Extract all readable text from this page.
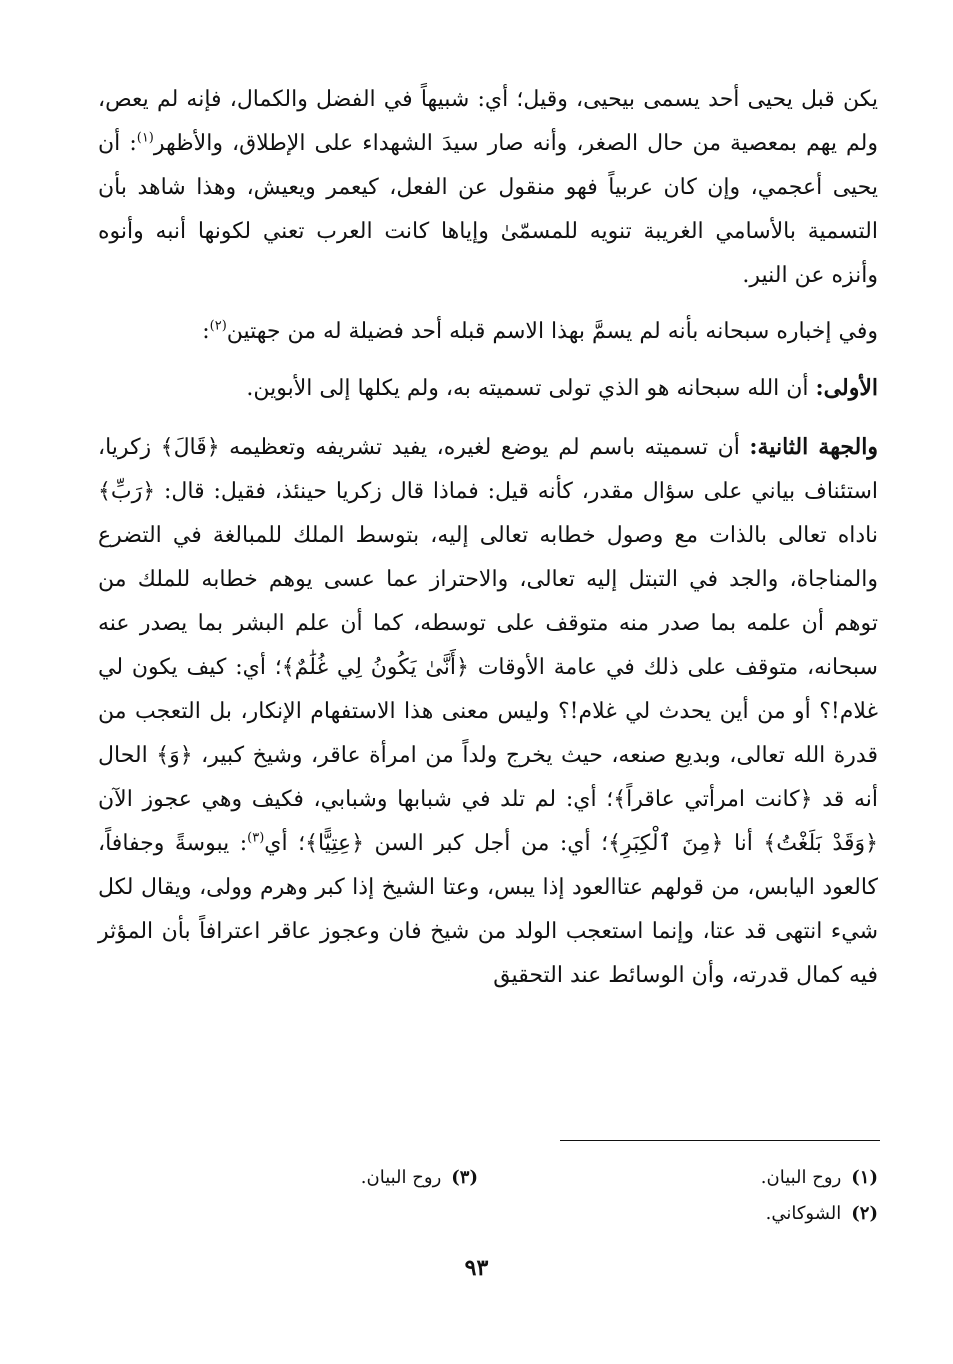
يكن قبل يحيى أحد يسمى بيحيى، وقيل؛ أي: شبيهاً في الفضل والكمال، فإنه لم يعص، ولم يهم بمعصية من حال الصغر، وأنه صار سيدَ الشهداء على الإطلاق، والأظهر$^{(١)}$: أن يحيى أعجمي، وإن كان عربياً فهو منقول عن الفعل، كيعمر ويعيش، وهذا شاهد بأن التسمية بالأسامي الغريبة تنويه للمسمّىٰ وإياها كانت العرب تعني لكونها أنبه وأنوه وأنزه عن النير.

وفي إخباره سبحانه بأنه لم يسمَّ بهذا الاسم قبله أحد فضيلة له من جهتين$^{(٢)}$:

الأولى: أن الله سبحانه هو الذي تولى تسميته به، ولم يكلها إلى الأبوين.

والجهة الثانية: أن تسميته باسم لم يوضع لغيره، يفيد تشريفه وتعظيمه ﴿قَالَ﴾ زكريا، استئناف بياني على سؤال مقدر، كأنه قيل: فماذا قال زكريا حينئذ، فقيل: قال: ﴿رَبِّ﴾ ناداه تعالى بالذات مع وصول خطابه تعالى إليه، بتوسط الملك للمبالغة في التضرع والمناجاة، والجد في التبتل إليه تعالى، والاحتراز عما عسى يوهم خطابه للملك من توهم أن علمه بما صدر منه متوقف على توسطه، كما أن علم البشر بما يصدر عنه سبحانه، متوقف على ذلك في عامة الأوقات ﴿أَنَّىٰ يَكُونُ لِي غُلَٰمٌ﴾؛ أي: كيف يكون لي غلام!؟ أو من أين يحدث لي غلام!؟ وليس معنى هذا الاستفهام الإنكار، بل التعجب من قدرة الله تعالى، وبديع صنعه، حيث يخرج ولداً من امرأة عاقر، وشيخ كبير، ﴿وَ﴾ الحال أنه قد ﴿كانت امرأتي عاقراً﴾؛ أي: لم تلد في شبابها وشبابي، فكيف وهي عجوز الآن ﴿وَقَدْ بَلَغْتُ﴾ أنا ﴿مِنَ ٱلْكِبَرِ﴾؛ أي: من أجل كبر السن ﴿عِتِيًّا﴾؛ أي$^{(٣)}$: يبوسةً وجفافاً، كالعود اليابس، من قولهم عتاالعود إذا يبس، وعتا الشيخ إذا كبر وهرم وولى، ويقال لكل شيء انتهى قد عتا، وإنما استعجب الولد من شيخ فان وعجوز عاقر اعترافاً بأن المؤثر فيه كمال قدرته، وأن الوسائط عند التحقيق

(١)روح البيان.
(٣)روح البيان.
(٢)الشوكاني.
٩٣
